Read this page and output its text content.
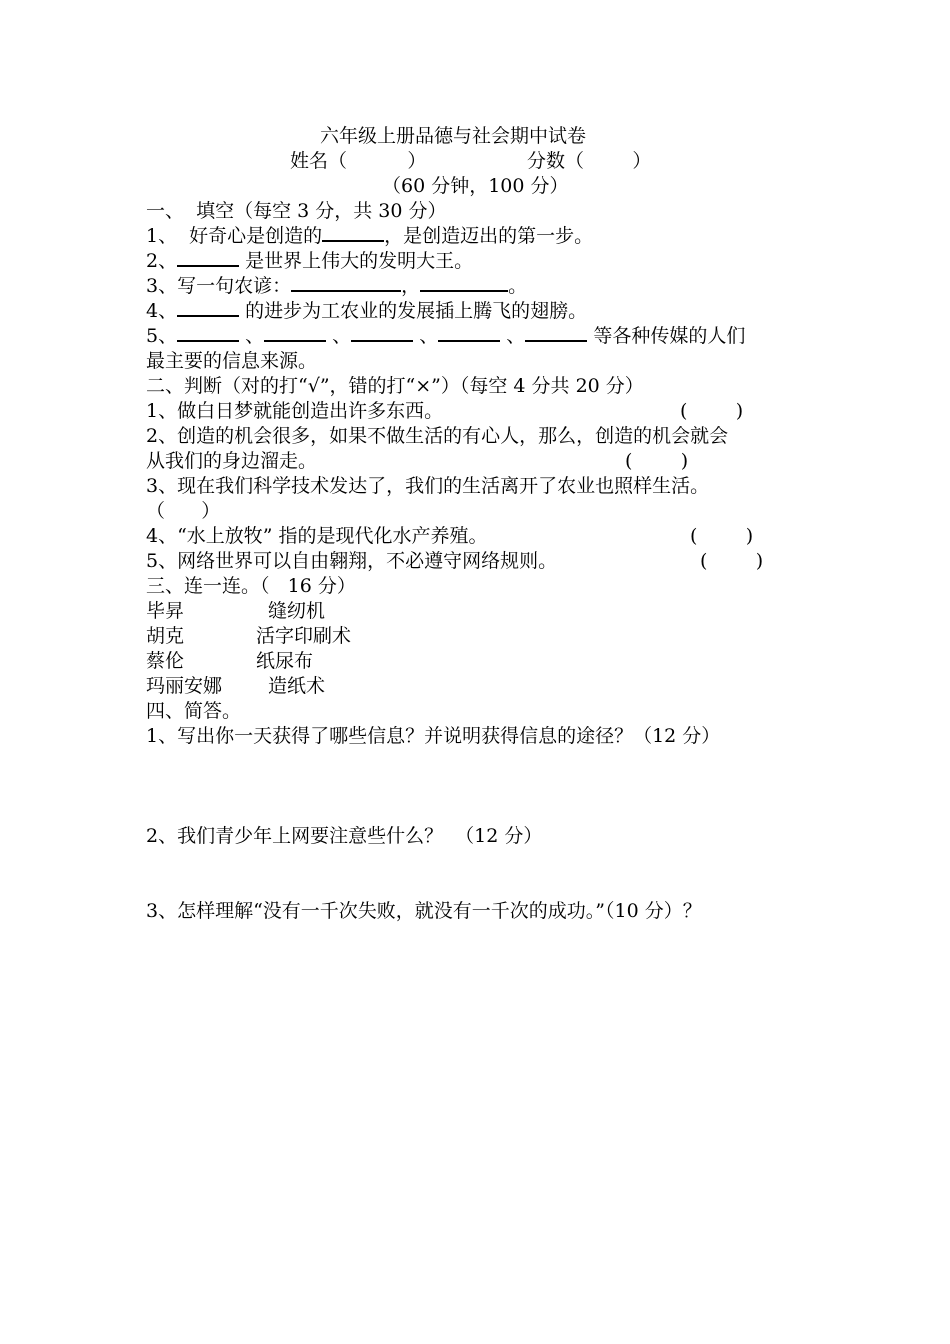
六年级上册品德与社会期中试卷
姓名（          ）	分数（        ）
（60 分钟，100 分）
一、  填空（每空 3 分，共 30 分）
1、  好奇心是创造的	，是创造迈出的第一步。
2、	是世界上伟大的发明大王。
3、写一句农谚：	，	。
4、	的进步为工农业的发展插上腾飞的翅膀。
5、	、	、	、	、	等各种传媒的人们
最主要的信息来源。
二、判断（对的打“√”，错的打“×”）（每空 4 分共 20 分）
1、做白日梦就能创造出许多东西。	(        )
2、创造的机会很多，如果不做生活的有心人，那么，创造的机会就会
从我们的身边溜走。	(        )
3、现在我们科学技术发达了，我们的生活离开了农业也照样生活。
（      ）
4、“水上放牧” 指的是现代化水产养殖。	(        )
5、网络世界可以自由翱翔，不必遵守网络规则。	(        )
三、连一连。（   16 分）
毕昇	缝纫机
胡克	活字印刷术
蔡伦	纸尿布
玛丽安娜 造纸术
四、简答。
1、写出你一天获得了哪些信息？并说明获得信息的途径？（12 分）
2、我们青少年上网要注意些什么？  （12 分）
3、怎样理解“没有一千次失败，就没有一千次的成功。”（10 分）？
